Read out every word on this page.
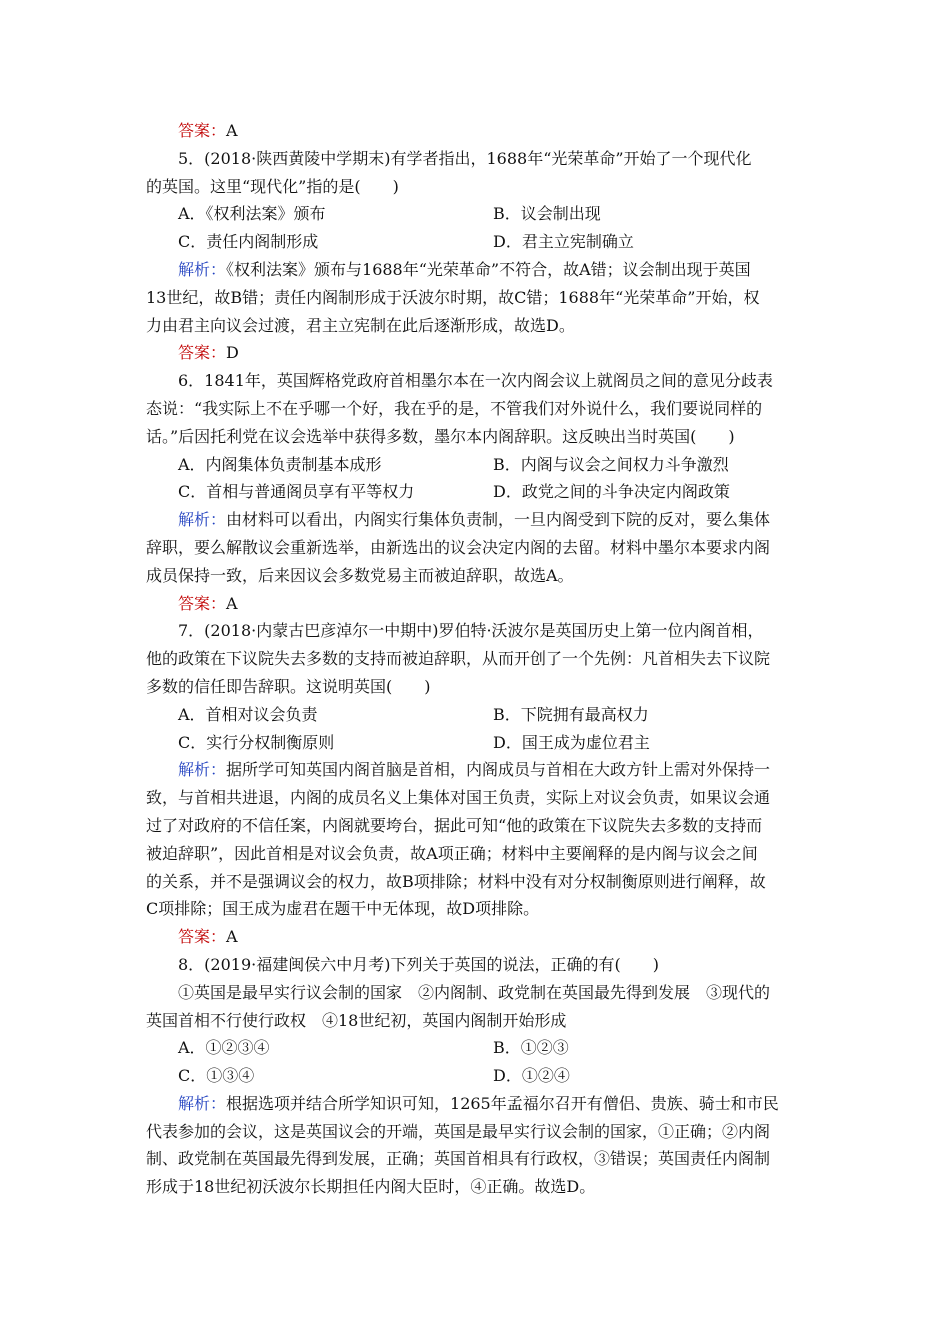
答案：A
5．(2018·陕西黄陵中学期末)有学者指出，1688年“光荣革命”开始了一个现代化
的英国。这里“现代化”指的是(　　)
A．《权利法案》颁布	B．议会制出现
C．责任内阁制形成	D．君主立宪制确立
解析：《权利法案》颁布与1688年“光荣革命”不符合，故A错；议会制出现于英国
13世纪，故B错；责任内阁制形成于沃波尔时期，故C错；1688年“光荣革命”开始，权
力由君主向议会过渡，君主立宪制在此后逐渐形成，故选D。
答案：D
6．1841年，英国辉格党政府首相墨尔本在一次内阁会议上就阁员之间的意见分歧表
态说：“我实际上不在乎哪一个好，我在乎的是，不管我们对外说什么，我们要说同样的
话。”后因托利党在议会选举中获得多数，墨尔本内阁辞职。这反映出当时英国(　　)
A．内阁集体负责制基本成形	B．内阁与议会之间权力斗争激烈
C．首相与普通阁员享有平等权力	D．政党之间的斗争决定内阁政策
解析：由材料可以看出，内阁实行集体负责制，一旦内阁受到下院的反对，要么集体
辞职，要么解散议会重新选举，由新选出的议会决定内阁的去留。材料中墨尔本要求内阁
成员保持一致，后来因议会多数党易主而被迫辞职，故选A。
答案：A
7．(2018·内蒙古巴彦淖尔一中期中)罗伯特·沃波尔是英国历史上第一位内阁首相，
他的政策在下议院失去多数的支持而被迫辞职，从而开创了一个先例：凡首相失去下议院
多数的信任即告辞职。这说明英国(　　)
A．首相对议会负责	B．下院拥有最高权力
C．实行分权制衡原则	D．国王成为虚位君主
解析：据所学可知英国内阁首脑是首相，内阁成员与首相在大政方针上需对外保持一
致，与首相共进退，内阁的成员名义上集体对国王负责，实际上对议会负责，如果议会通
过了对政府的不信任案，内阁就要垮台，据此可知“他的政策在下议院失去多数的支持而
被迫辞职”，因此首相是对议会负责，故A项正确；材料中主要阐释的是内阁与议会之间
的关系，并不是强调议会的权力，故B项排除；材料中没有对分权制衡原则进行阐释，故
C项排除；国王成为虚君在题干中无体现，故D项排除。
答案：A
8．(2019·福建闽侯六中月考)下列关于英国的说法，正确的有(　　)
①英国是最早实行议会制的国家　②内阁制、政党制在英国最先得到发展　③现代的
英国首相不行使行政权　④18世纪初，英国内阁制开始形成
A．①②③④	B．①②③
C．①③④	D．①②④
解析：根据选项并结合所学知识可知，1265年孟福尔召开有僧侣、贵族、骑士和市民
代表参加的会议，这是英国议会的开端，英国是最早实行议会制的国家，①正确；②内阁
制、政党制在英国最先得到发展，正确；英国首相具有行政权，③错误；英国责任内阁制
形成于18世纪初沃波尔长期担任内阁大臣时，④正确。故选D。
